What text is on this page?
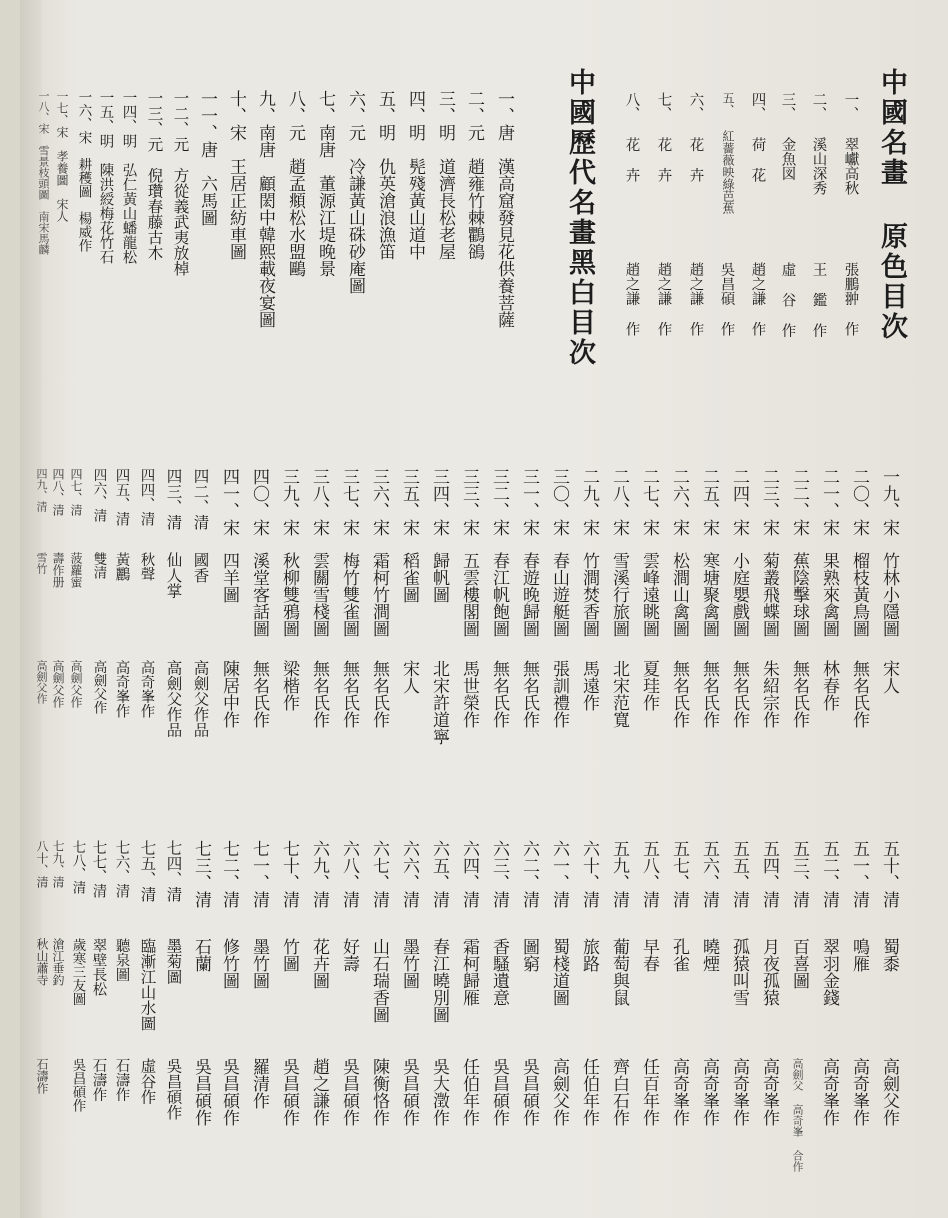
中國名畫 原色目次
一、 翠巘高秋
張鵬翀 作
二、 溪山深秀
王 鑑 作
三、 金魚図
虛 谷 作
四、 荷 花
趙之謙 作
五、 紅薔薇映綠芭蕉
吳昌碩 作
六、 花 卉
趙之謙 作
七、 花 卉
趙之謙 作
八、 花 卉
趙之謙 作
中國歷代名畫黑白目次
一、唐　漢高窟發見花供養菩薩
二、元　趙雍竹棘鸜鵒
三、明　道濟長松老屋
四、明　髡殘黃山道中
五、明　仇英滄浪漁笛
六、元　冷謙黃山硃砂庵圖
七、南唐　董源江堤晚景
八、元　趙孟頫松水盟鷗
九、南唐　顧閎中韓熙載夜宴圖
十、宋　王居正紡車圖
一一、唐　六馬圖
一二、元　方從義武夷放棹
一三、元　倪瓚春藤古木
一四、明　弘仁黃山蟠龍松
一五、明　陳洪綬梅花竹石
一六、宋　耕穫圖　楊威作
一七、宋　孝養圖　宋人
一八、宋　雪景枝頭圖　南宋馬麟
一九、宋
竹林小隱圖
宋人
二〇、宋
榴枝黃鳥圖
無名氏作
二一、宋
果熟來禽圖
林春作
二二、宋
蕉陰擊球圖
無名氏作
二三、宋
菊叢飛蝶圖
朱紹宗作
二四、宋
小庭嬰戲圖
無名氏作
二五、宋
寒塘聚禽圖
無名氏作
二六、宋
松澗山禽圖
無名氏作
二七、宋
雲峰遠眺圖
夏珪作
二八、宋
雪溪行旅圖
北宋范寬
二九、宋
竹澗焚香圖
馬遠作
三〇、宋
春山遊艇圖
張訓禮作
三一、宋
春遊晚歸圖
無名氏作
三二、宋
春江帆飽圖
無名氏作
三三、宋
五雲樓閣圖
馬世榮作
三四、宋
歸帆圖
北宋許道寧
三五、宋
稻雀圖
宋人
三六、宋
霜柯竹澗圖
無名氏作
三七、宋
梅竹雙雀圖
無名氏作
三八、宋
雲關雪棧圖
無名氏作
三九、宋
秋柳雙鴉圖
梁楷作
四〇、宋
溪堂客話圖
無名氏作
四一、宋
四羊圖
陳居中作
四二、清
國香
高劍父作品
四三、清
仙人掌
高劍父作品
四四、清
秋聲
高奇峯作
四五、清
黃鸝
高奇峯作
四六、清
雙清
高劍父作
四七、清
菠蘿蜜
高劍父作
四八、清
壽作册
高劍父作
四九、清
雪竹
高劍父作
五十、清
蜀黍
高劍父作
五一、清
鳴雁
高奇峯作
五二、清
翠羽金錢
高奇峯作
五三、清
百喜圖
高劍父 高奇峯 合作
五四、清
月夜孤猿
高奇峯作
五五、清
孤猿叫雪
高奇峯作
五六、清
曉煙
高奇峯作
五七、清
孔雀
高奇峯作
五八、清
早春
任百年作
五九、清
葡萄與鼠
齊白石作
六十、清
旅路
任伯年作
六一、清
蜀棧道圖
高劍父作
六二、清
圖窮
吳昌碩作
六三、清
香騷遺意
吳昌碩作
六四、清
霜柯歸雁
任伯年作
六五、清
春江曉別圖
吳大澂作
六六、清
墨竹圖
吳昌碩作
六七、清
山石瑞香圖
陳衡恪作
六八、清
好壽
吳昌碩作
六九、清
花卉圖
趙之謙作
七十、清
竹圖
吳昌碩作
七一、清
墨竹圖
羅清作
七二、清
修竹圖
吳昌碩作
七三、清
石蘭
吳昌碩作
七四、清
墨菊圖
吳昌碩作
七五、清
臨漸江山水圖
虛谷作
七六、清
聽泉圖
石濤作
七七、清
翠壁長松
石濤作
七八、清
歲寒三友圖
吳昌碩作
七九、清
滄江垂釣
八十、清
秋山蕭寺
石濤作
